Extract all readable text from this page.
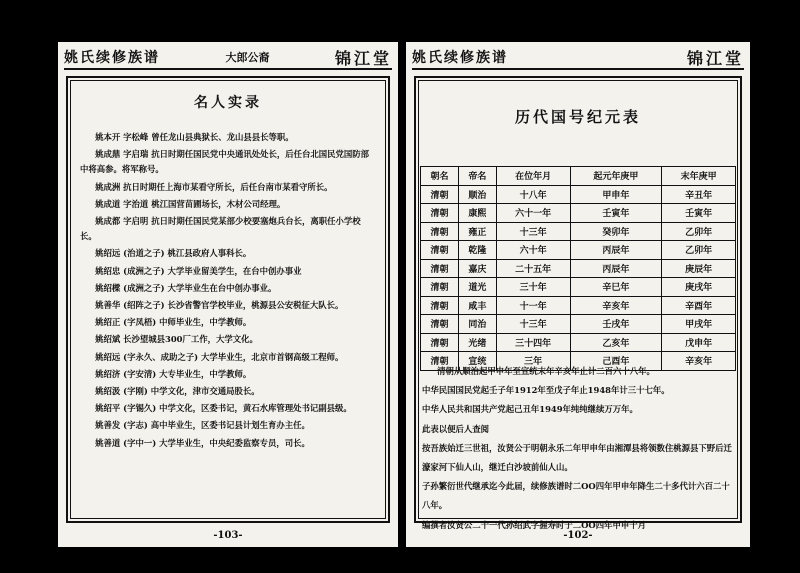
姚氏续修族谱	大郎公裔	锦江堂
名人实录

姚本开 字松峰 曾任龙山县典狱长、龙山县县长等职。

姚成鼎 字启瑞 抗日时期任国民党中央通讯处处长，后任台北国民党国防部中将高参。将军称号。

姚成洲 抗日时期任上海市某看守所长，后任台南市某看守所长。

姚成道 字治道 桃江国营苗圃场长，木材公司经理。

姚成都 字启明 抗日时期任国民党某部少校要塞炮兵台长，离职任小学校长。

姚绍远 (治道之子) 桃江县政府人事科长。

姚绍忠 (成洲之子) 大学毕业留美学生，在台中创办事业

姚绍樑 (成洲之子) 大学毕业生在台中创办事业。

姚善华 (绍阵之子) 长沙省警官学校毕业，桃源县公安税征大队长。

姚绍正 (字凤梧) 中师毕业生，中学教师。

姚绍斌 长沙望城县300厂工作，大学文化。

姚绍远 (字永久、成助之子) 大学毕业生，北京市首钢高级工程师。

姚绍济 (字安清) 大专毕业生，中学教师。

姚绍汲 (字刚) 中学文化，津市交通局股长。

姚绍平 (字锡久) 中学文化，区委书记，黄石水库管理处书记副县级。

姚善发 (字志) 高中毕业生，区委书记县计划生育办主任。

姚善道 (字中一) 大学毕业生，中央纪委监察专员，司长。

-103-
姚氏续修族谱	锦江堂
历代国号纪元表
朝名	帝名	在位年月	起元年庚甲	末年庚甲
清朝	顺治	十八年	甲申年	辛丑年
清朝	康熙	六十一年	壬寅年	壬寅年
清朝	雍正	十三年	癸卯年	乙卯年
清朝	乾隆	六十年	丙辰年	乙卯年
清朝	嘉庆	二十五年	丙辰年	庚辰年
清朝	道光	三十年	辛巳年	庚戌年
清朝	咸丰	十一年	辛亥年	辛酉年
清朝	同治	十三年	壬戌年	甲戌年
清朝	光绪	三十四年	乙亥年	戊申年
清朝	宣统	三年	己酉年	辛亥年

清朝从顺治起甲申年至宣统末年辛亥年止计二百六十八年。

中华民国国民党起壬子年1912年至戊子年止1948年计三十七年。

中华人民共和国共产党起己丑年1949年纯纯继续万万年。

此表以便后人查阅

按吾族始迁三世祖，汝贤公于明朝永乐二年甲申年由湘潭县将领数住桃源县下野后迁濠家河下仙人山，继迁白沙坡前仙人山。

子孙繁衍世代继承迄今此届，续修族谱时二OO四年甲申年降生二十多代计六百二十八年。

编撰者汝贤公二十一代孙绍武字握寿时于二OO四年甲申十月

-102-
